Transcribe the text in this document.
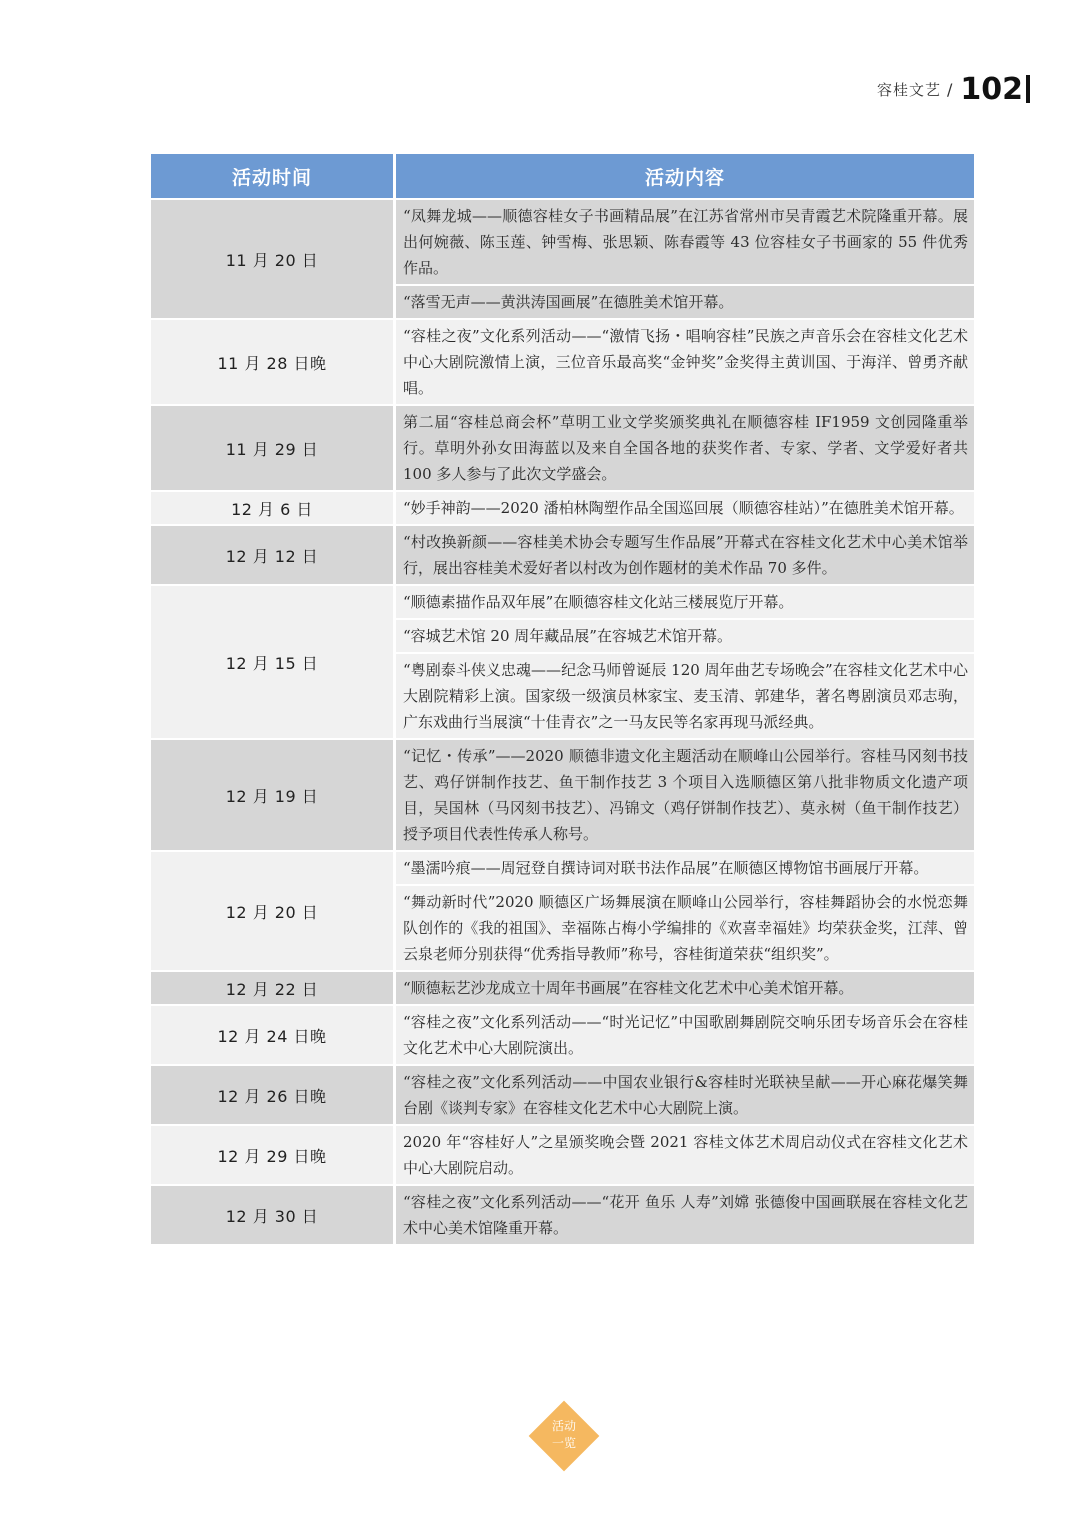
容桂文艺 / 102
活动时间	活动内容
11 月 20 日	“凤舞龙城——顺德容桂女子书画精品展”在江苏省常州市吴青霞艺术院隆重开幕。展出何婉薇、陈玉莲、钟雪梅、张思颖、陈春霞等 43 位容桂女子书画家的 55 件优秀作品。
	“落雪无声——黄洪涛国画展”在德胜美术馆开幕。
11 月 28 日晚	“容桂之夜”文化系列活动——“激情飞扬・唱响容桂”民族之声音乐会在容桂文化艺术中心大剧院激情上演，三位音乐最高奖“金钟奖”金奖得主黄训国、于海洋、曾勇齐献唱。
11 月 29 日	第二届“容桂总商会杯”草明工业文学奖颁奖典礼在顺德容桂 IF1959 文创园隆重举行。草明外孙女田海蓝以及来自全国各地的获奖作者、专家、学者、文学爱好者共 100 多人参与了此次文学盛会。
12 月 6 日	“妙手神韵——2020 潘柏林陶塑作品全国巡回展（顺德容桂站）”在德胜美术馆开幕。
12 月 12 日	“村改换新颜——容桂美术协会专题写生作品展”开幕式在容桂文化艺术中心美术馆举行，展出容桂美术爱好者以村改为创作题材的美术作品 70 多件。
12 月 15 日	“顺德素描作品双年展”在顺德容桂文化站三楼展览厅开幕。
	“容城艺术馆 20 周年藏品展”在容城艺术馆开幕。
	“粤剧泰斗侠义忠魂——纪念马师曾诞辰 120 周年曲艺专场晚会”在容桂文化艺术中心大剧院精彩上演。国家级一级演员林家宝、麦玉清、郭建华，著名粤剧演员邓志驹，广东戏曲行当展演“十佳青衣”之一马友民等名家再现马派经典。
12 月 19 日	“记忆・传承”——2020 顺德非遗文化主题活动在顺峰山公园举行。容桂马冈刻书技艺、鸡仔饼制作技艺、鱼干制作技艺 3 个项目入选顺德区第八批非物质文化遗产项目，吴国林（马冈刻书技艺）、冯锦文（鸡仔饼制作技艺）、莫永树（鱼干制作技艺）授予项目代表性传承人称号。
12 月 20 日	“墨濡吟痕——周冠登自撰诗词对联书法作品展”在顺德区博物馆书画展厅开幕。
	“舞动新时代”2020 顺德区广场舞展演在顺峰山公园举行，容桂舞蹈协会的水悦恋舞队创作的《我的祖国》、幸福陈占梅小学编排的《欢喜幸福娃》均荣获金奖，江萍、曾云泉老师分别获得“优秀指导教师”称号，容桂街道荣获“组织奖”。
12 月 22 日	“顺德耘艺沙龙成立十周年书画展”在容桂文化艺术中心美术馆开幕。
12 月 24 日晚	“容桂之夜”文化系列活动——“时光记忆”中国歌剧舞剧院交响乐团专场音乐会在容桂文化艺术中心大剧院演出。
12 月 26 日晚	“容桂之夜”文化系列活动——中国农业银行&容桂时光联袂呈献——开心麻花爆笑舞台剧《谈判专家》在容桂文化艺术中心大剧院上演。
12 月 29 日晚	2020 年“容桂好人”之星颁奖晚会暨 2021 容桂文体艺术周启动仪式在容桂文化艺术中心大剧院启动。
12 月 30 日	“容桂之夜”文化系列活动——“花开 鱼乐 人寿”刘嫦 张德俊中国画联展在容桂文化艺术中心美术馆隆重开幕。
活动
一览
